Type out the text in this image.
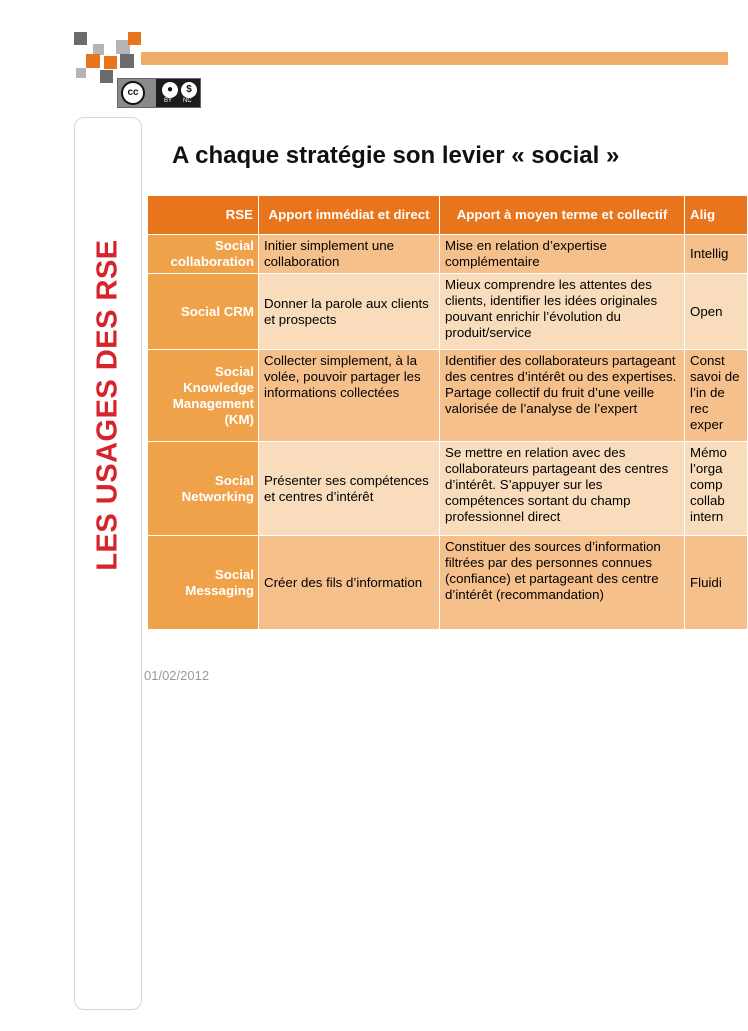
cc	●	$
BY NC
LES USAGES DES RSE
A chaque stratégie son levier « social »
RSE	Apport immédiat et direct	Apport à moyen terme et collectif	Alig
Social collaboration	Initier simplement une collaboration	Mise en relation d’expertise complémentaire	Intellig
Social CRM	Donner la parole aux clients et prospects	Mieux comprendre les attentes des clients, identifier les idées originales pouvant enrichir l’évolution du produit/service	Open
Social Knowledge Management (KM)	Collecter simplement, à la volée, pouvoir partager les informations collectées	Identifier des collaborateurs partageant des centres d’intérêt ou des expertises. Partage collectif du fruit d’une veille valorisée de l’analyse de l’expert	Const savoi de l’in de rec exper
Social Networking	Présenter ses compétences et centres d’intérêt	Se mettre en relation avec des collaborateurs partageant des centres d’intérêt. S’appuyer sur les compétences sortant du champ professionnel direct	Mémo l’orga comp collab intern
Social Messaging	Créer des fils d’information	Constituer des sources d’information filtrées par des personnes connues (confiance) et partageant des centre d’intérêt (recommandation)	Fluidi
01/02/2012
